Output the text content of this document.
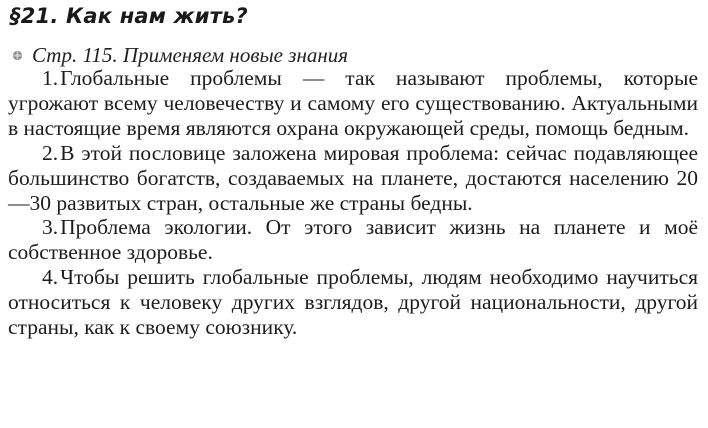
§21. Как нам жить?
Стр. 115. Применяем новые знания

1.Глобальные проблемы — так называют проблемы, которые угрожают всему человечеству и самому его существованию. Актуальными в настоящие время являются охрана окружающей среды, помощь бедным.

2.В этой пословице заложена мировая проблема: сейчас подавляющее большинство богатств, создаваемых на планете, достаются населению 20—30 развитых стран, остальные же страны бедны.

3.Проблема экологии. От этого зависит жизнь на планете и моё собственное здоровье.

4.Чтобы решить глобальные проблемы, людям необходимо научиться относиться к человеку других взглядов, другой национальности, другой страны, как к своему союзнику.
